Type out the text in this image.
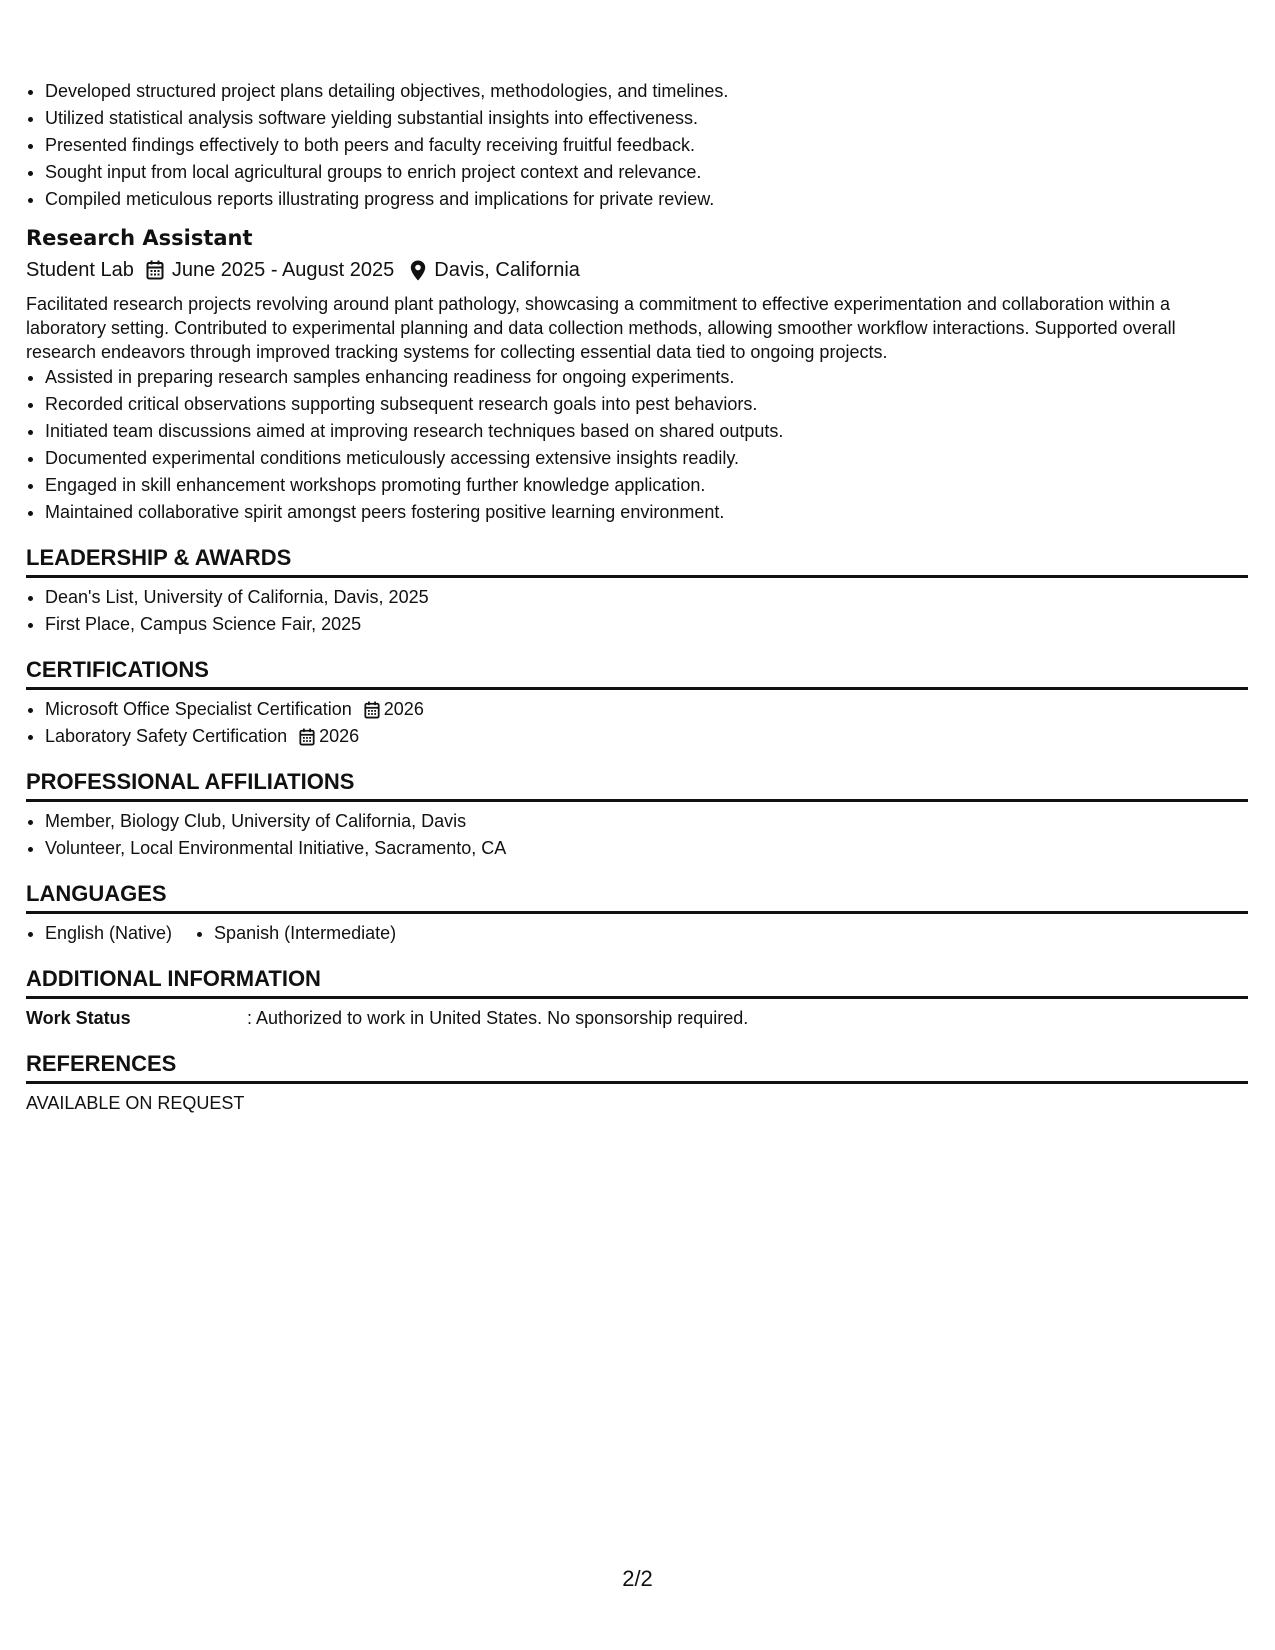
• Developed structured project plans detailing objectives, methodologies, and timelines.
• Utilized statistical analysis software yielding substantial insights into effectiveness.
• Presented findings effectively to both peers and faculty receiving fruitful feedback.
• Sought input from local agricultural groups to enrich project context and relevance.
• Compiled meticulous reports illustrating progress and implications for private review.
Research Assistant
Student Lab June 2025 - August 2025 Davis, California
Facilitated research projects revolving around plant pathology, showcasing a commitment to effective experimentation and collaboration within a laboratory setting. Contributed to experimental planning and data collection methods, allowing smoother workflow interactions. Supported overall research endeavors through improved tracking systems for collecting essential data tied to ongoing projects.
• Assisted in preparing research samples enhancing readiness for ongoing experiments.
• Recorded critical observations supporting subsequent research goals into pest behaviors.
• Initiated team discussions aimed at improving research techniques based on shared outputs.
• Documented experimental conditions meticulously accessing extensive insights readily.
• Engaged in skill enhancement workshops promoting further knowledge application.
• Maintained collaborative spirit amongst peers fostering positive learning environment.
LEADERSHIP & AWARDS
• Dean's List, University of California, Davis, 2025
• First Place, Campus Science Fair, 2025
CERTIFICATIONS
• Microsoft Office Specialist Certification 2026
• Laboratory Safety Certification 2026
PROFESSIONAL AFFILIATIONS
• Member, Biology Club, University of California, Davis
• Volunteer, Local Environmental Initiative, Sacramento, CA
LANGUAGES
• English (Native)
• Spanish (Intermediate)
ADDITIONAL INFORMATION
Work Status	: Authorized to work in United States. No sponsorship required.
REFERENCES
AVAILABLE ON REQUEST
2/2
